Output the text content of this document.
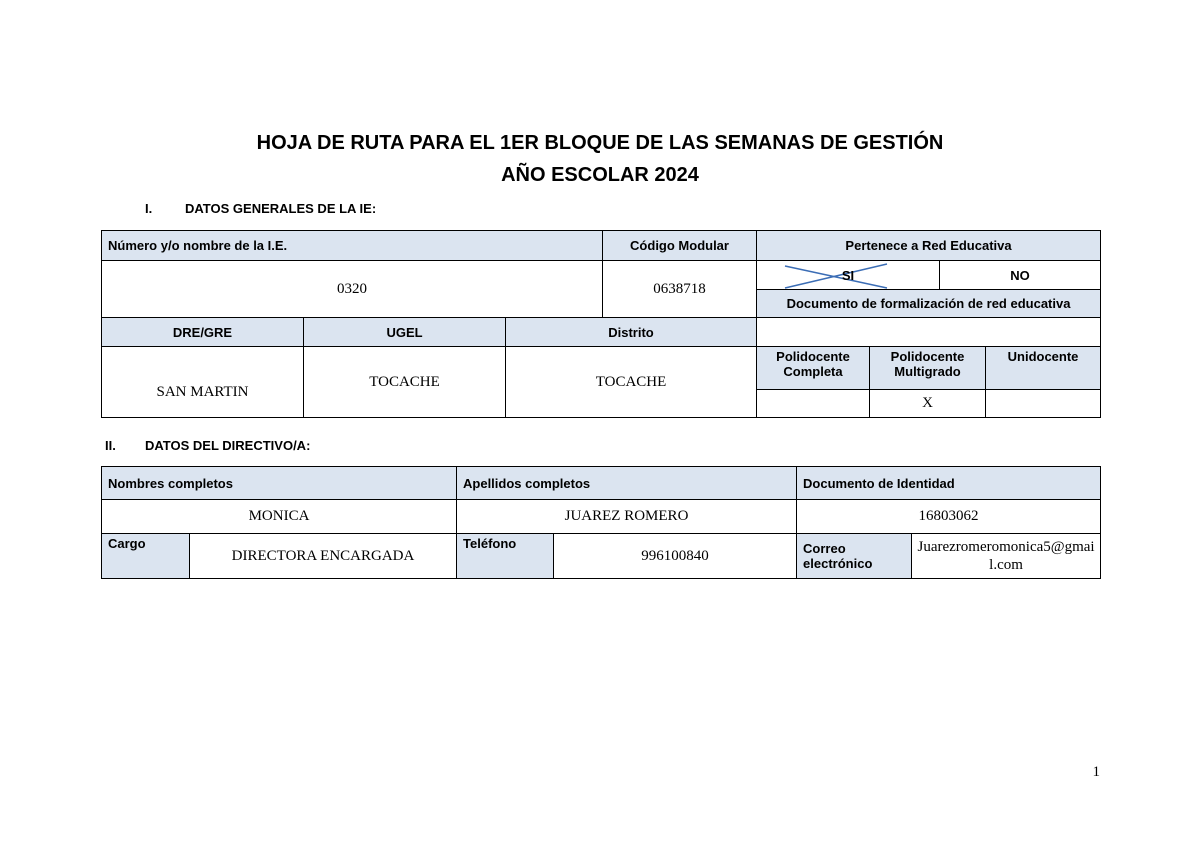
HOJA DE RUTA PARA EL 1ER BLOQUE DE LAS SEMANAS DE GESTIÓN
AÑO ESCOLAR 2024
I.	DATOS GENERALES DE LA IE:
Número y/o nombre de la I.E.			Código Modular	Pertenece a Red Educativa			
0320			0638718	SI		NO	
				Documento de formalización de red educativa			
DRE/GRE	UGEL	Distrito					
SAN MARTIN	TOCACHE	TOCACHE		Polidocente Completa	Polidocente Multigrado		Unidocente
					X		
II. DATOS DEL DIRECTIVO/A:
Nombres completos		Apellidos completos		Documento de Identidad	
MONICA		JUAREZ ROMERO		16803062	
Cargo	DIRECTORA ENCARGADA	Teléfono	996100840	Correo electrónico	Juarezromeromonica5@gmail.com
1
